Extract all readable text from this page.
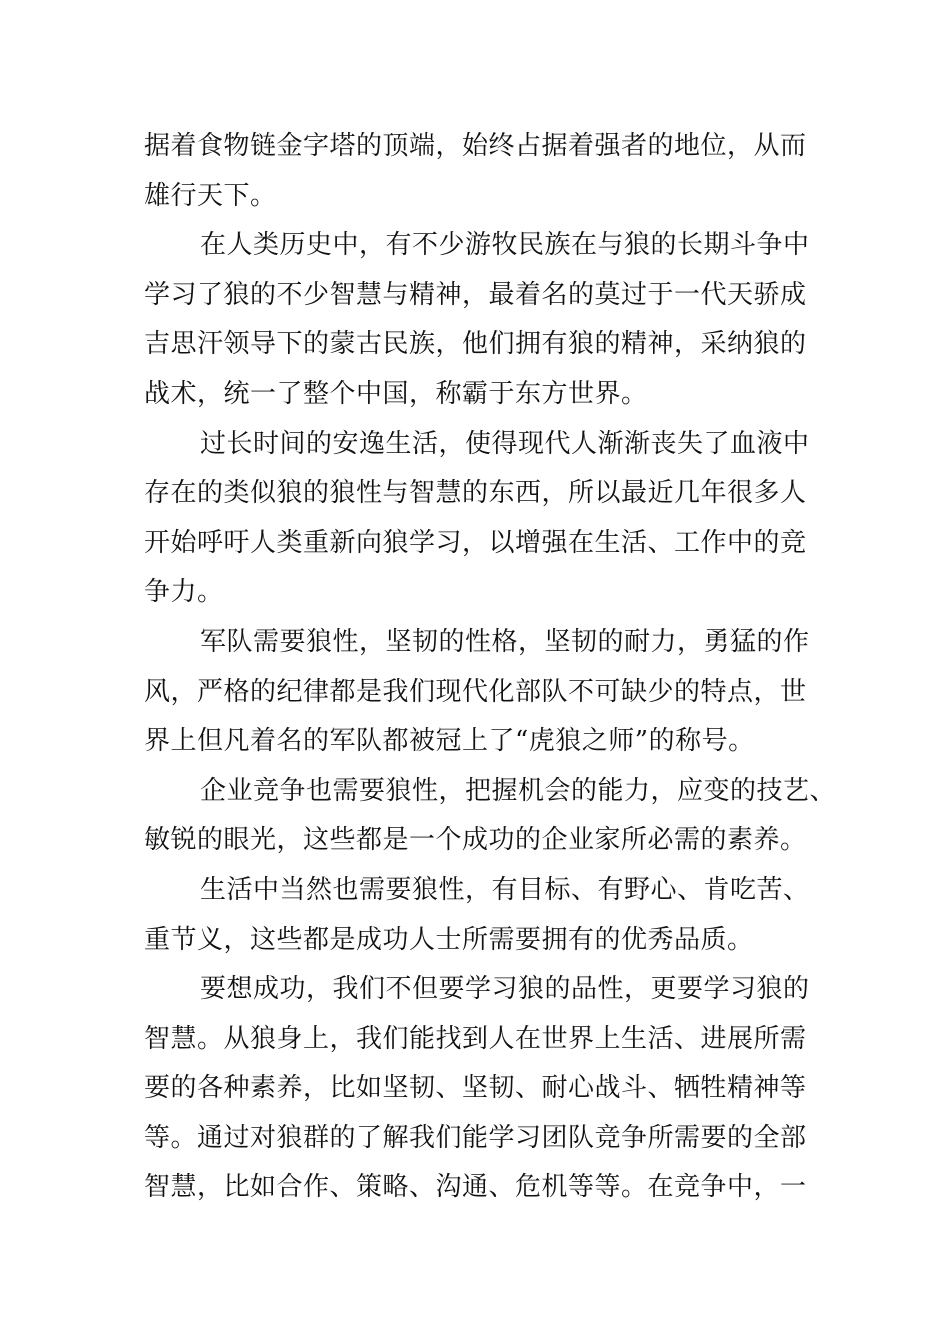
据着食物链金字塔的顶端，始终占据着强者的地位，从而
雄行天下。
在人类历史中，有不少游牧民族在与狼的长期斗争中
学习了狼的不少智慧与精神，最着名的莫过于一代天骄成
吉思汗领导下的蒙古民族，他们拥有狼的精神，采纳狼的
战术，统一了整个中国，称霸于东方世界。
过长时间的安逸生活，使得现代人渐渐丧失了血液中
存在的类似狼的狼性与智慧的东西，所以最近几年很多人
开始呼吁人类重新向狼学习，以增强在生活、工作中的竞
争力。
军队需要狼性，坚韧的性格，坚韧的耐力，勇猛的作
风，严格的纪律都是我们现代化部队不可缺少的特点，世
界上但凡着名的军队都被冠上了“虎狼之师”的称号。
企业竞争也需要狼性，把握机会的能力，应变的技艺、
敏锐的眼光，这些都是一个成功的企业家所必需的素养。
生活中当然也需要狼性，有目标、有野心、肯吃苦、
重节义，这些都是成功人士所需要拥有的优秀品质。
要想成功，我们不但要学习狼的品性，更要学习狼的
智慧。从狼身上，我们能找到人在世界上生活、进展所需
要的各种素养，比如坚韧、坚韧、耐心战斗、牺牲精神等
等。通过对狼群的了解我们能学习团队竞争所需要的全部
智慧，比如合作、策略、沟通、危机等等。在竞争中，一
